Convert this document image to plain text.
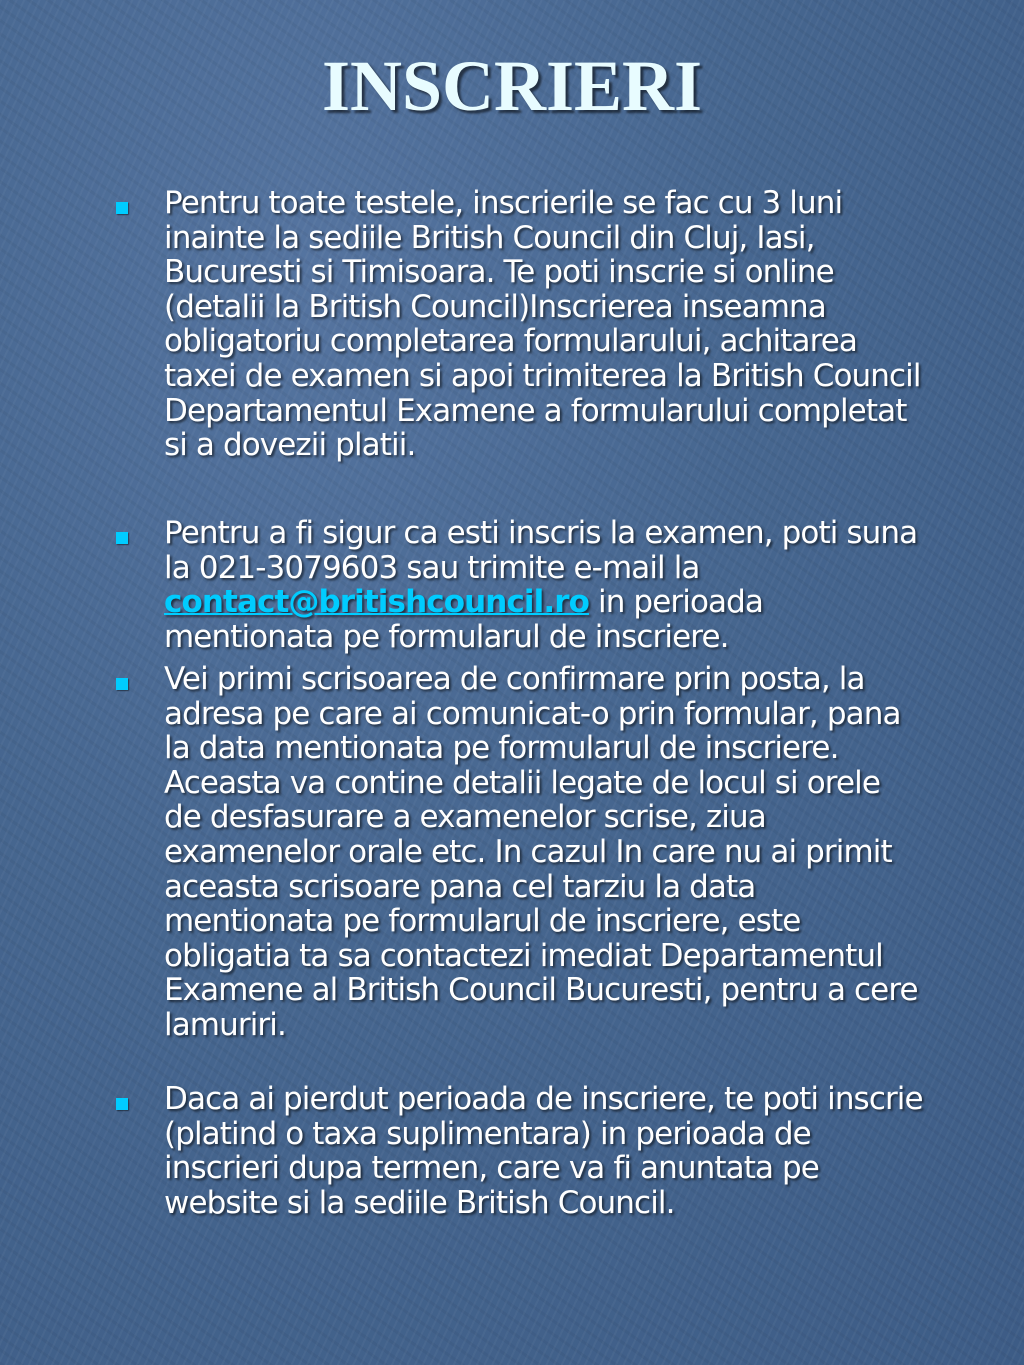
INSCRIERI
Pentru toate testele, inscrierile se fac cu 3 luni inainte la sediile British Council din Cluj, Iasi, Bucuresti si Timisoara. Te poti inscrie si online (detalii la British Council)Inscrierea inseamna obligatoriu completarea formularului, achitarea taxei de examen si apoi trimiterea la British Council Departamentul Examene a formularului completat si a dovezii platii.
Pentru a fi sigur ca esti inscris la examen, poti suna la 021-3079603 sau trimite e-mail la contact@britishcouncil.ro in perioada mentionata pe formularul de inscriere.
Vei primi scrisoarea de confirmare prin posta, la adresa pe care ai comunicat-o prin formular, pana la data mentionata pe formularul de inscriere. Aceasta va contine detalii legate de locul si orele de desfasurare a examenelor scrise, ziua examenelor orale etc. In cazul In care nu ai primit aceasta scrisoare pana cel tarziu la data mentionata pe formularul de inscriere, este obligatia ta sa contactezi imediat Departamentul Examene al British Council Bucuresti, pentru a cere lamuriri.
Daca ai pierdut perioada de inscriere, te poti inscrie (platind o taxa suplimentara) in perioada de inscrieri dupa termen, care va fi anuntata pe website si la sediile British Council.
